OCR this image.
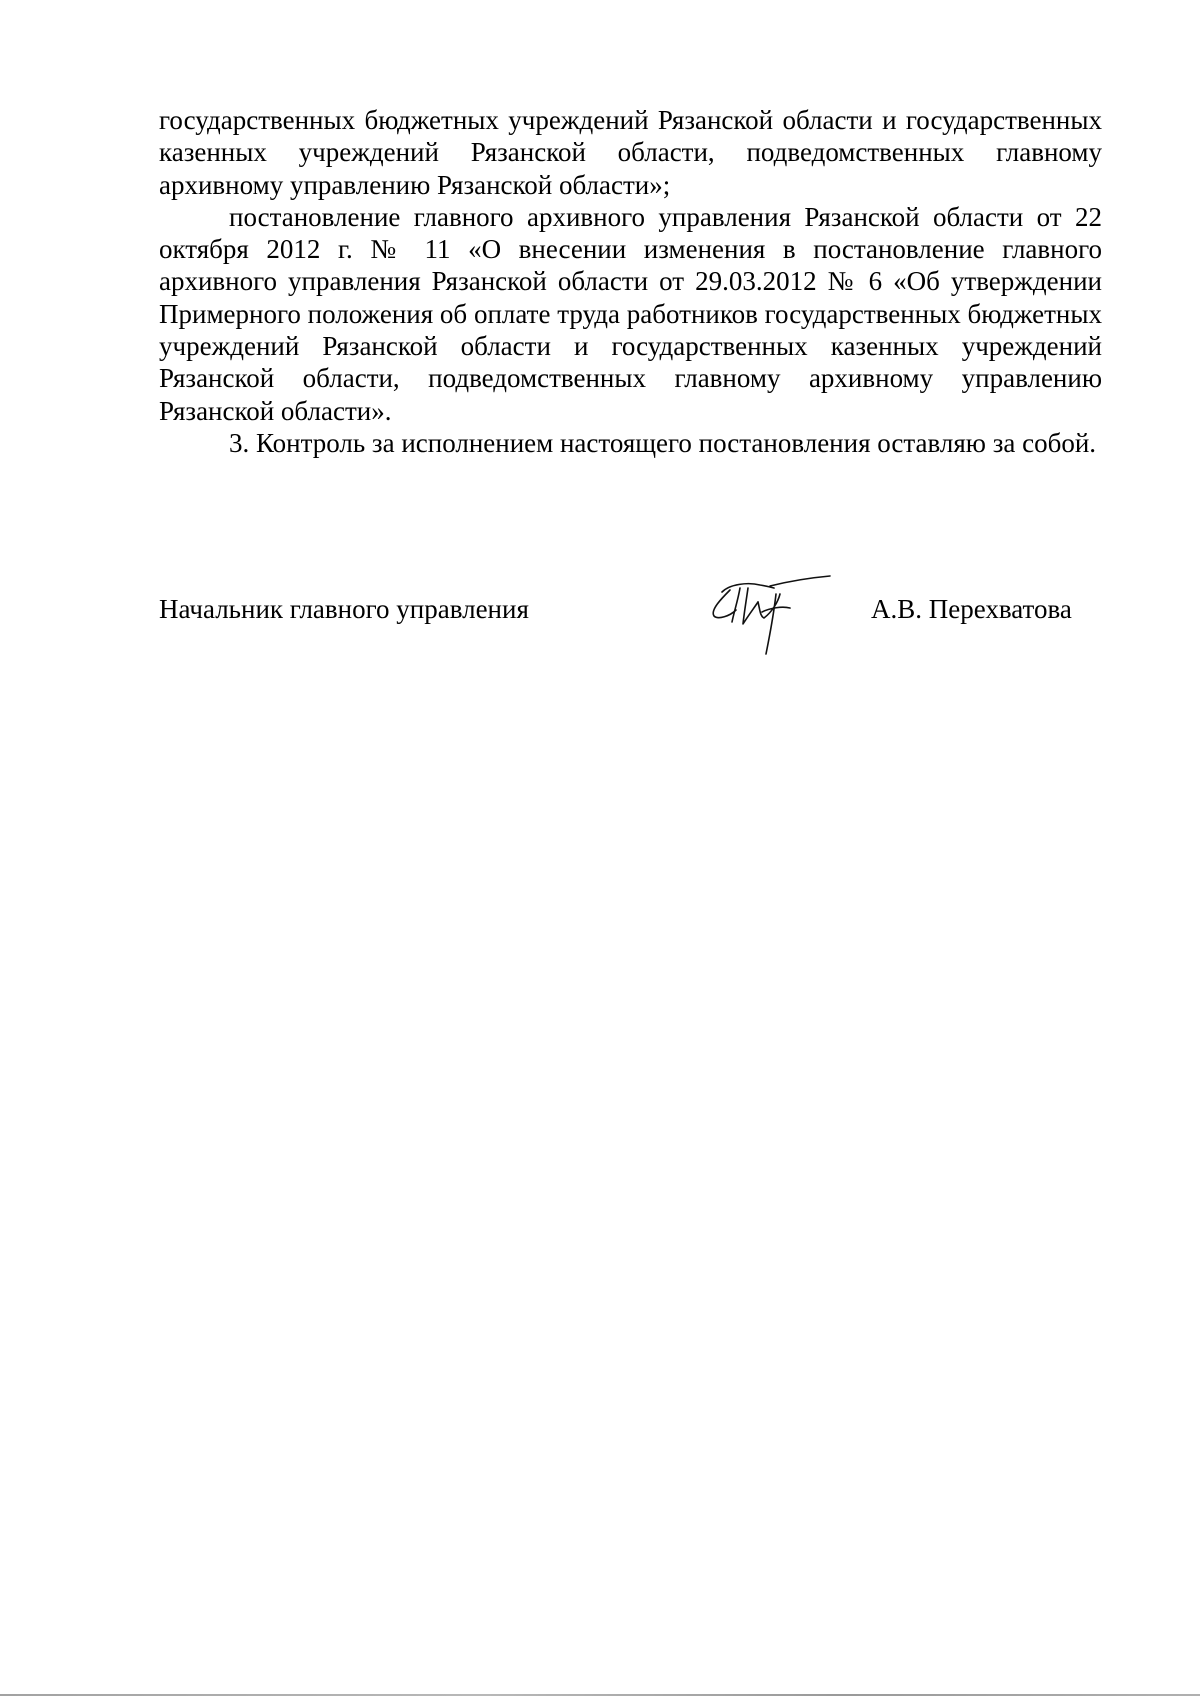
государственных бюджетных учреждений Рязанской области и государственных казенных учреждений Рязанской области, подведомственных главному архивному управлению Рязанской области»;

постановление главного архивного управления Рязанской области от 22 октября 2012 г. № 11 «О внесении изменения в постановление главного архивного управления Рязанской области от 29.03.2012 № 6 «Об утверждении Примерного положения об оплате труда работников государственных бюджетных учреждений Рязанской области и государственных казенных учреждений Рязанской области, подведомственных главному архивному управлению Рязанской области».

3. Контроль за исполнением настоящего постановления оставляю за собой.

Начальник главного управления	А.В. Перехватова
